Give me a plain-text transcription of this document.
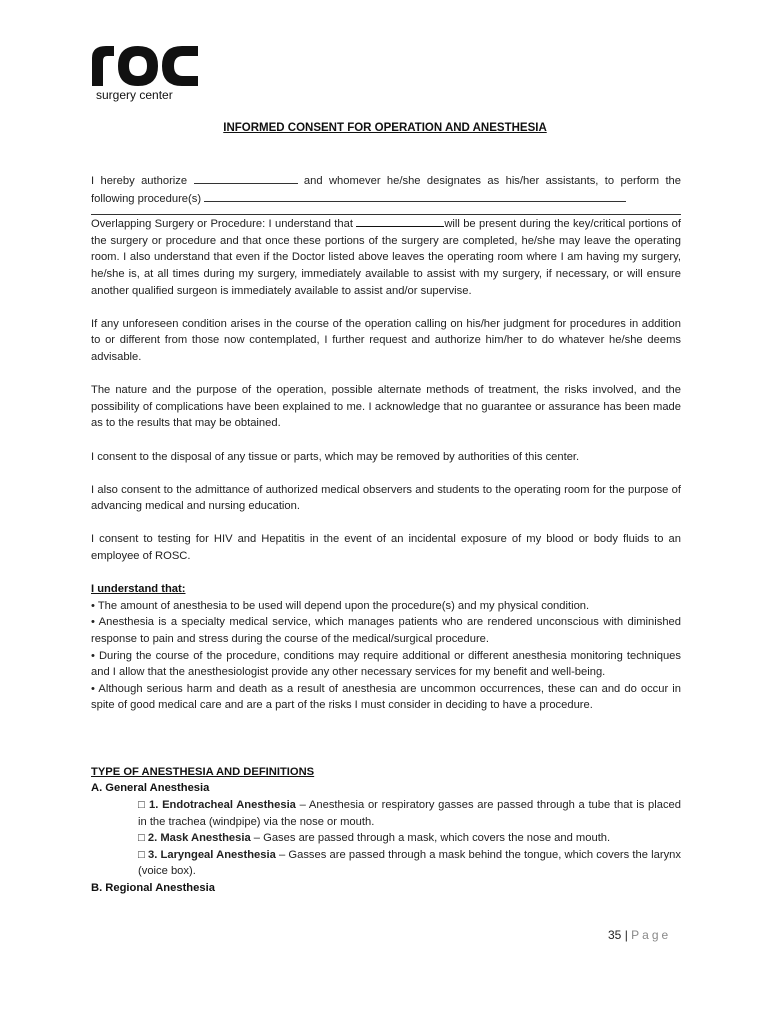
surgery center
INFORMED CONSENT FOR OPERATION AND ANESTHESIA

I hereby authorize	and whomever he/she designates as his/her assistants, to perform the following procedure(s)

Overlapping Surgery or Procedure: I understand that	will be present during the key/critical portions of the surgery or procedure and that once these portions of the surgery are completed, he/she may leave the operating room. I also understand that even if the Doctor listed above leaves the operating room where I am having my surgery, he/she is, at all times during my surgery, immediately available to assist with my surgery, if necessary, or will ensure another qualified surgeon is immediately available to assist and/or supervise.

If any unforeseen condition arises in the course of the operation calling on his/her judgment for procedures in addition to or different from those now contemplated, I further request and authorize him/her to do whatever he/she deems advisable.

The nature and the purpose of the operation, possible alternate methods of treatment, the risks involved, and the possibility of complications have been explained to me. I acknowledge that no guarantee or assurance has been made as to the results that may be obtained.

I consent to the disposal of any tissue or parts, which may be removed by authorities of this center.

I also consent to the admittance of authorized medical observers and students to the operating room for the purpose of advancing medical and nursing education.

I consent to testing for HIV and Hepatitis in the event of an incidental exposure of my blood or body fluids to an employee of ROSC.

I understand that:

• The amount of anesthesia to be used will depend upon the procedure(s) and my physical condition.

• Anesthesia is a specialty medical service, which manages patients who are rendered unconscious with diminished response to pain and stress during the course of the medical/surgical procedure.

• During the course of the procedure, conditions may require additional or different anesthesia monitoring techniques and I allow that the anesthesiologist provide any other necessary services for my benefit and well-being.

• Although serious harm and death as a result of anesthesia are uncommon occurrences, these can and do occur in spite of good medical care and are a part of the risks I must consider in deciding to have a procedure.

TYPE OF ANESTHESIA AND DEFINITIONS

A. General Anesthesia

□ 1. Endotracheal Anesthesia – Anesthesia or respiratory gasses are passed through a tube that is placed in the trachea (windpipe) via the nose or mouth.

□ 2. Mask Anesthesia – Gases are passed through a mask, which covers the nose and mouth.

□ 3. Laryngeal Anesthesia – Gasses are passed through a mask behind the tongue, which covers the larynx (voice box).

B. Regional Anesthesia

35 | Page
